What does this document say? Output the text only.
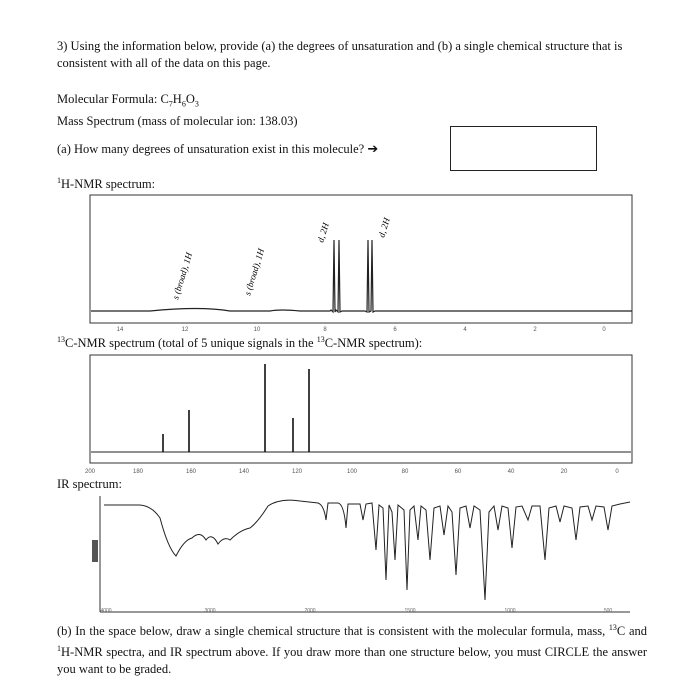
3) Using the information below, provide (a) the degrees of unsaturation and (b) a single chemical structure that is consistent with all of the data on this page.
Molecular Formula: $C_7H_6O_3$
Mass Spectrum (mass of molecular ion: 138.03)
(a) How many degrees of unsaturation exist in this molecule? ➔
$^1$H-NMR spectrum:
s (broad), 1H	s (broad), 1H
d, 2H	d, 2H
14	12	10	8	6	4	2	0
200	180	160	140	120	100	80	60	40	20	0
4000	3000	2000	1500	1000	500
$^{13}$C-NMR spectrum (total of 5 unique signals in the $^{13}$C-NMR spectrum):
IR spectrum:
(b) In the space below, draw a single chemical structure that is consistent with the molecular formula, mass, $^{13}$C and $^1$H-NMR spectra, and IR spectrum above. If you draw more than one structure below, you must CIRCLE the answer you want to be graded.
